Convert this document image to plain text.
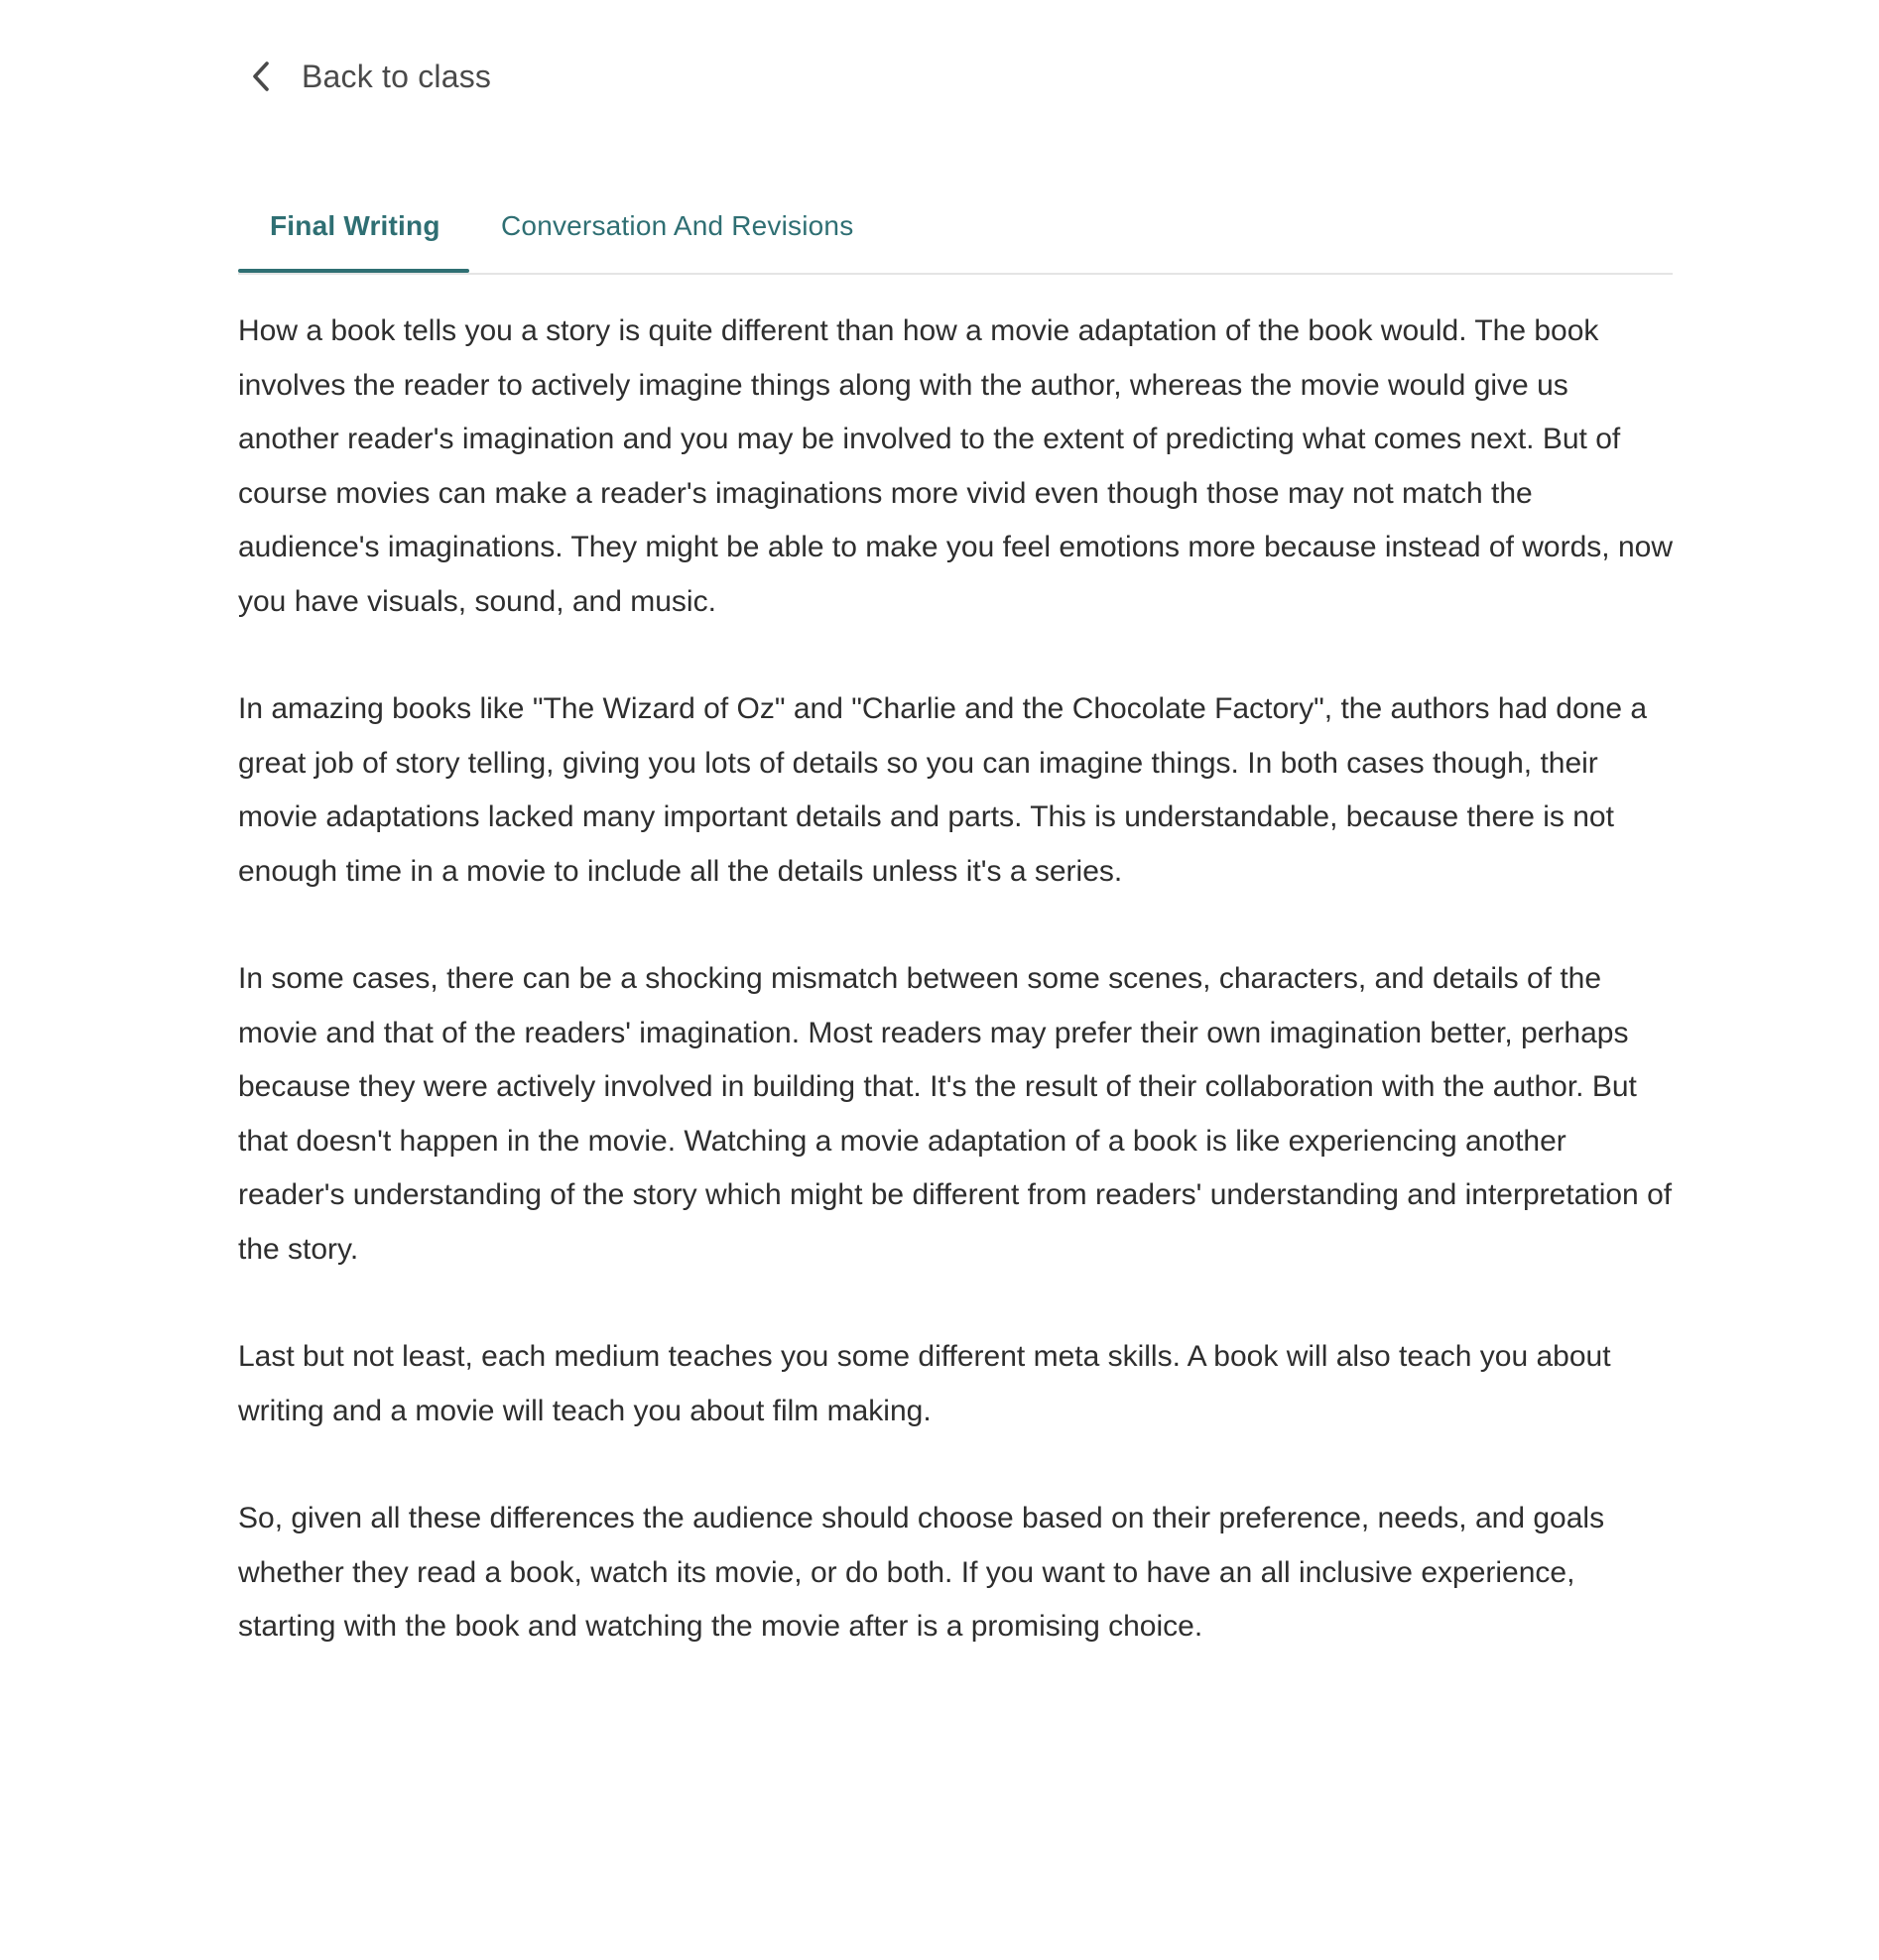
Back to class
Final Writing Conversation And Revisions

How a book tells you a story is quite different than how a movie adaptation of the book would. The book involves the reader to actively imagine things along with the author, whereas the movie would give us another reader's imagination and you may be involved to the extent of predicting what comes next. But of course movies can make a reader's imaginations more vivid even though those may not match the audience's imaginations. They might be able to make you feel emotions more because instead of words, now you have visuals, sound, and music.

In amazing books like "The Wizard of Oz" and "Charlie and the Chocolate Factory", the authors had done a great job of story telling, giving you lots of details so you can imagine things. In both cases though, their movie adaptations lacked many important details and parts. This is understandable, because there is not enough time in a movie to include all the details unless it's a series.

In some cases, there can be a shocking mismatch between some scenes, characters, and details of the movie and that of the readers' imagination. Most readers may prefer their own imagination better, perhaps because they were actively involved in building that. It's the result of their collaboration with the author. But that doesn't happen in the movie. Watching a movie adaptation of a book is like experiencing another reader's understanding of the story which might be different from readers' understanding and interpretation of the story.

Last but not least, each medium teaches you some different meta skills. A book will also teach you about writing and a movie will teach you about film making.

So, given all these differences the audience should choose based on their preference, needs, and goals whether they read a book, watch its movie, or do both. If you want to have an all inclusive experience, starting with the book and watching the movie after is a promising choice.
